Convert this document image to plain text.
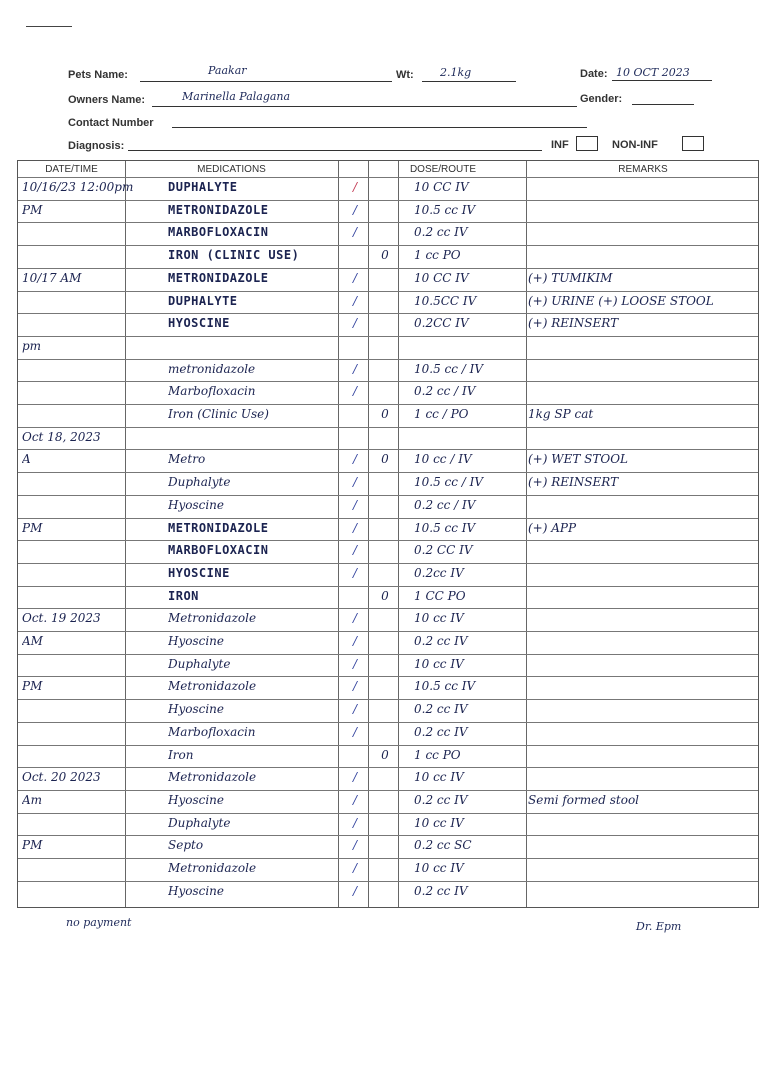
Pets Name:	Paakar	Wt: 2.1kg	Date: 10 OCT 2023
Owners Name:	Marinella Palagana	Gender:
Contact Number
Diagnosis:	INF	NON-INF
DATE/TIME	MEDICATIONS	DOSE/ROUTE	REMARKS
10/16/23 12:00pm	DUPHALYTE	/	10 CC IV
PM	METRONIDAZOLE	/	10.5 cc IV
MARBOFLOXACIN	/	0.2 cc IV
IRON (CLINIC USE)	0	1 cc PO
10/17 AM	METRONIDAZOLE	/	10 CC IV	(+) TUMIKIM
DUPHALYTE	/	10.5CC IV	(+) URINE (+) LOOSE STOOL
HYOSCINE	/	0.2CC IV	(+) REINSERT
pm
metronidazole	/	10.5 cc / IV
Marbofloxacin	/	0.2 cc / IV
Iron (Clinic Use)	0	1 cc / PO	1kg SP cat
Oct 18, 2023
A	Metro	/	0	10 cc / IV	(+) WET STOOL
Duphalyte	/	10.5 cc / IV	(+) REINSERT
Hyoscine	/	0.2 cc / IV
PM	METRONIDAZOLE	/	10.5 cc IV	(+) APP
MARBOFLOXACIN	/	0.2 CC IV
HYOSCINE	/	0.2cc IV
IRON	0	1 CC PO
Oct. 19 2023	Metronidazole	/	10 cc IV
AM	Hyoscine	/	0.2 cc IV
Duphalyte	/	10 cc IV
PM	Metronidazole	/	10.5 cc IV
Hyoscine	/	0.2 cc IV
Marbofloxacin	/	0.2 cc IV
Iron	0	1 cc PO
Oct. 20 2023	Metronidazole	/	10 cc IV
Am	Hyoscine	/	0.2 cc IV	Semi formed stool
Duphalyte	/	10 cc IV
PM	Septo	/	0.2 cc SC
Metronidazole	/	10 cc IV
Hyoscine	/	0.2 cc IV
no payment	Dr. Epm
